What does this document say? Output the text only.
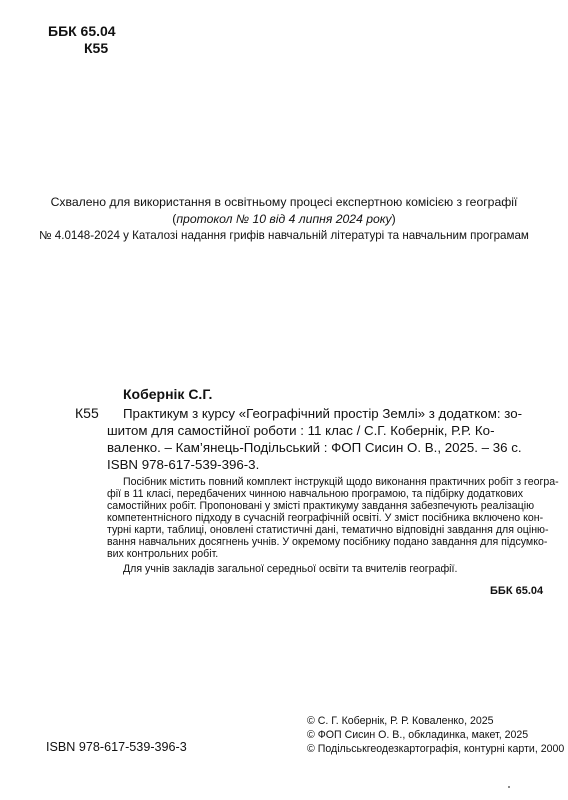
ББК 65.04
К55
Схвалено для використання в освітньому процесі експертною комісією з географії
(протокол № 10 від 4 липня 2024 року)
№ 4.0148-2024 у Каталозі надання грифів навчальній літературі та навчальним програмам
Кобернік С.Г.
К55 Практикум з курсу «Географічний простір Землі» з додатком: зо-
шитом для самостійної роботи : 11 клас / С.Г. Кобернік, Р.Р. Ко-
валенко. – Кам’янець-Подільський : ФОП Сисин О. В., 2025. – 36 с.
ISBN 978-617-539-396-3.
Посібник містить повний комплект інструкцій щодо виконання практичних робіт з геогра-
фії в 11 класі, передбачених чинною навчальною програмою, та підбірку додаткових
самостійних робіт. Пропоновані у змісті практикуму завдання забезпечують реалізацію
компетентнісного підходу в сучасній географічній освіті. У зміст посібника включено кон-
турні карти, таблиці, оновлені статистичні дані, тематично відповідні завдання для оціню-
вання навчальних досягнень учнів. У окремому посібнику подано завдання для підсумко-
вих контрольних робіт.
Для учнів закладів загальної середньої освіти та вчителів географії.
ББК 65.04
ISBN 978-617-539-396-3
© С. Г. Кобернік, Р. Р. Коваленко, 2025
© ФОП Сисин О. В., обкладинка, макет, 2025
© Подільськгеодезкартографія, контурні карти, 2000
